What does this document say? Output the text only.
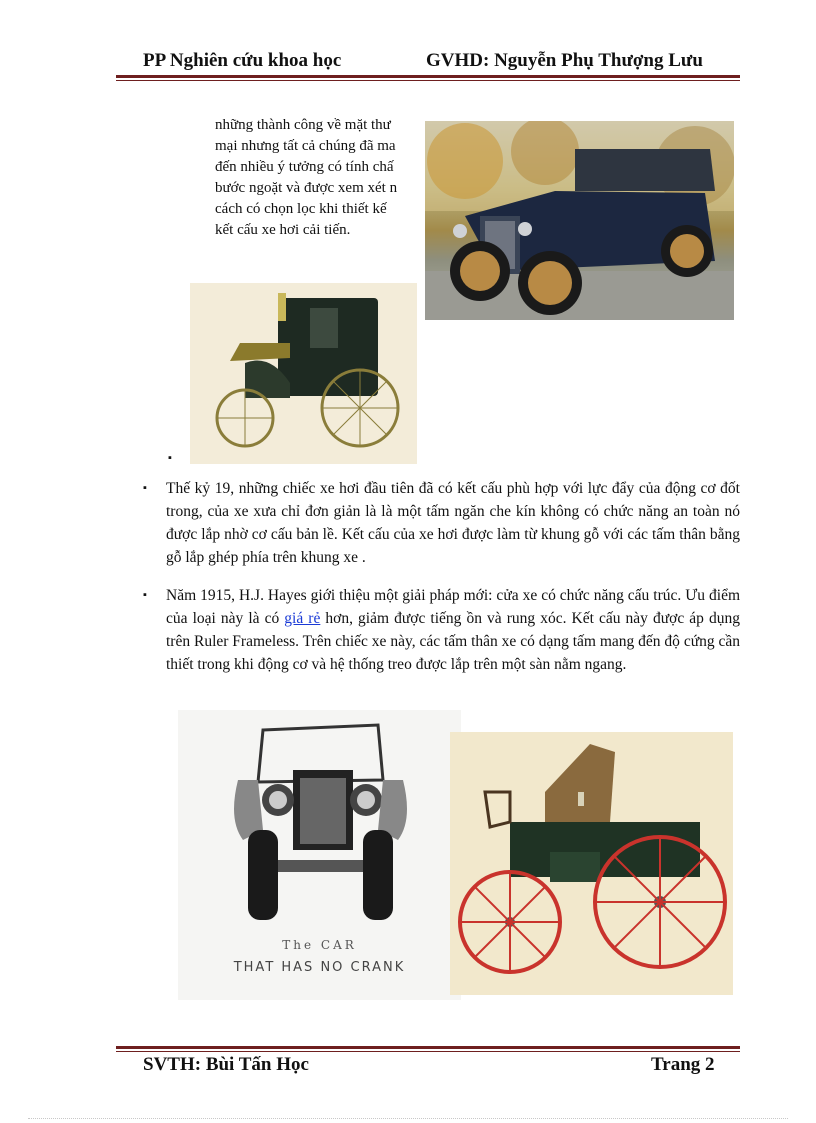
PP Nghiên cứu khoa học	GVHD: Nguyễn Phụ Thượng Lưu

những thành công về mặt thư

mại nhưng tất cả chúng đã ma

đến nhiều ý tưởng có tính chấ

bước ngoặt và được xem xét n

cách có chọn lọc khi thiết kế

kết cấu xe hơi cải tiến.

▪
▪ Thế kỷ 19, những chiếc xe hơi đầu tiên đã có kết cấu phù hợp với lực đẩy của động cơ đốt trong, của xe xưa chỉ đơn giản là là một tấm ngăn che kín không có chức năng an toàn nó được lắp nhờ cơ cấu bản lề. Kết cấu của xe hơi được làm từ khung gỗ với các tấm thân bằng gỗ lắp ghép phía trên khung xe .
▪ Năm 1915, H.J. Hayes giới thiệu một giải pháp mới: cửa xe có chức năng cấu trúc. Ưu điểm của loại này là có giá rẻ hơn, giảm được tiếng ồn và rung xóc. Kết cấu này được áp dụng trên Ruler Frameless. Trên chiếc xe này, các tấm thân xe có dạng tấm mang đến độ cứng cần thiết trong khi động cơ và hệ thống treo được lắp trên một sàn nằm ngang.
The CAR
THAT HAS NO CRANK
SVTH: Bùi Tấn Học	Trang 2
